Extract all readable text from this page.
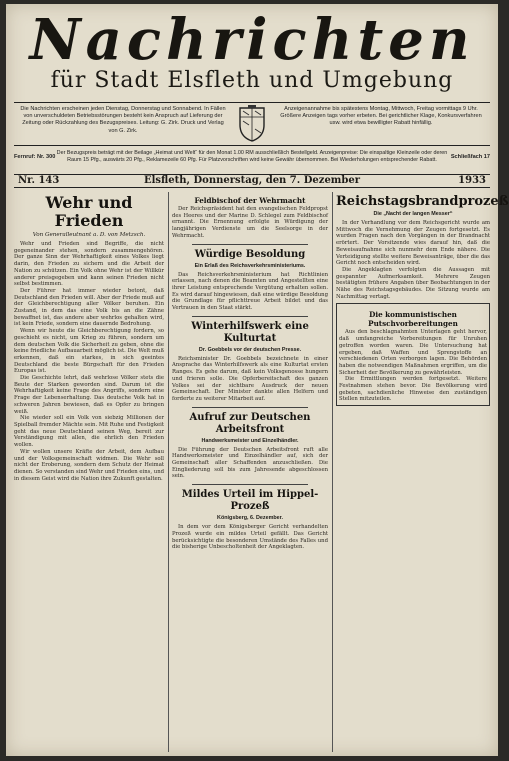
Nachrichten
für Stadt Elsfleth und Umgebung
Die Nachrichten erscheinen jeden Dienstag, Donnerstag und Sonnabend. In Fällen von unverschuldeten Betriebsstörungen besteht kein Anspruch auf Lieferung der Zeitung oder Rückzahlung des Bezugspreises. Leitung: G. Zirk. Druck und Verlag von G. Zirk.
Anzeigenannahme bis spätestens Montag, Mittwoch, Freitag vormittags 9 Uhr. Größere Anzeigen tags vorher erbeten. Bei gerichtlicher Klage, Konkursverfahren usw. wird etwa bewilligter Rabatt hinfällig.
Fernruf: Nr. 300
Der Bezugspreis beträgt mit der Beilage „Heimat und Welt“ für den Monat 1.00 RM ausschließlich Bestellgeld. Anzeigenpreise: Die einspaltige Kleinzeile oder deren Raum 15 Pfg., auswärts 20 Pfg., Reklamezeile 60 Pfg. Für Platzvorschriften wird keine Gewähr übernommen. Bei Wiederholungen entsprechender Rabatt. Schließfach 17
Nr. 143	Elsfleth, Donnerstag, den 7. Dezember	1933
Wehr und Frieden
Von Generalleutnant a. D. von Metzsch.

Wehr und Frieden sind Begriffe, die nicht gegeneinander stehen, sondern zusammengehören. Der ganze Sinn der Wehrhaftigkeit eines Volkes liegt darin, den Frieden zu sichern und die Arbeit der Nation zu schützen. Ein Volk ohne Wehr ist der Willkür anderer preisgegeben und kann seinen Frieden nicht selbst bestimmen.

Der Führer hat immer wieder betont, daß Deutschland den Frieden will. Aber der Friede muß auf der Gleichberechtigung aller Völker beruhen. Ein Zustand, in dem das eine Volk bis an die Zähne bewaffnet ist, das andere aber wehrlos gehalten wird, ist kein Friede, sondern eine dauernde Bedrohung.

Wenn wir heute die Gleichberechtigung fordern, so geschieht es nicht, um Krieg zu führen, sondern um dem deutschen Volk die Sicherheit zu geben, ohne die keine friedliche Aufbauarbeit möglich ist. Die Welt muß erkennen, daß ein starkes, in sich geeintes Deutschland die beste Bürgschaft für den Frieden Europas ist.

Die Geschichte lehrt, daß wehrlose Völker stets die Beute der Starken geworden sind. Darum ist die Wehrhaftigkeit keine Frage des Angriffs, sondern eine Frage der Lebenserhaltung. Das deutsche Volk hat in schweren Jahren bewiesen, daß es Opfer zu bringen weiß.

Nie wieder soll ein Volk von siebzig Millionen der Spielball fremder Mächte sein. Mit Ruhe und Festigkeit geht das neue Deutschland seinen Weg, bereit zur Verständigung mit allen, die ehrlich den Frieden wollen.

Wir wollen unsere Kräfte der Arbeit, dem Aufbau und der Volksgemeinschaft widmen. Die Wehr soll nicht der Eroberung, sondern dem Schutz der Heimat dienen. So verstanden sind Wehr und Frieden eins, und in diesem Geist wird die Nation ihre Zukunft gestalten.

Feldbischof der Wehrmacht

Der Reichspräsident hat den evangelischen Feldpropst des Heeres und der Marine D. Schlegel zum Feldbischof ernannt. Die Ernennung erfolgte in Würdigung der langjährigen Verdienste um die Seelsorge in der Wehrmacht.

Würdige Besoldung
Ein Erlaß des Reichsverkehrsministeriums.

Das Reichsverkehrsministerium hat Richtlinien erlassen, nach denen die Beamten und Angestellten eine ihrer Leistung entsprechende Vergütung erhalten sollen. Es wird darauf hingewiesen, daß eine würdige Besoldung die Grundlage für pflichttreue Arbeit bildet und das Vertrauen in den Staat stärkt.

Winterhilfswerk eine Kulturtat
Dr. Goebbels vor der deutschen Presse.

Reichsminister Dr. Goebbels bezeichnete in einer Ansprache das Winterhilfswerk als eine Kulturtat ersten Ranges. Es gehe darum, daß kein Volksgenosse hungern und frieren solle. Die Opferbereitschaft des ganzen Volkes sei der sichtbare Ausdruck der neuen Gemeinschaft. Der Minister dankte allen Helfern und forderte zu weiterer Mitarbeit auf.

Aufruf zur Deutschen Arbeitsfront
Handwerksmeister und Einzelhändler.

Die Führung der Deutschen Arbeitsfront ruft alle Handwerksmeister und Einzelhändler auf, sich der Gemeinschaft aller Schaffenden anzuschließen. Die Eingliederung soll bis zum Jahresende abgeschlossen sein.

Mildes Urteil im Hippel-Prozeß
Königsberg, 6. Dezember.

In dem vor dem Königsberger Gericht verhandelten Prozeß wurde ein mildes Urteil gefällt. Das Gericht berücksichtigte die besonderen Umstände des Falles und die bisherige Unbescholtenheit der Angeklagten.

Reichstagsbrandprozeß
Die „Nacht der langen Messer“

In der Verhandlung vor dem Reichsgericht wurde am Mittwoch die Vernehmung der Zeugen fortgesetzt. Es wurden Fragen nach den Vorgängen in der Brandnacht erörtert. Der Vorsitzende wies darauf hin, daß die Beweisaufnahme sich nunmehr dem Ende nähere. Die Verteidigung stellte weitere Beweisanträge, über die das Gericht noch entscheiden wird.

Die Angeklagten verfolgten die Aussagen mit gespannter Aufmerksamkeit. Mehrere Zeugen bestätigten frühere Angaben über Beobachtungen in der Nähe des Reichstagsgebäudes. Die Sitzung wurde am Nachmittag vertagt.

Die kommunistischen Putschvorbereitungen

Aus den beschlagnahmten Unterlagen geht hervor, daß umfangreiche Vorbereitungen für Unruhen getroffen worden waren. Die Untersuchung hat ergeben, daß Waffen und Sprengstoffe an verschiedenen Orten verborgen lagen. Die Behörden haben die notwendigen Maßnahmen ergriffen, um die Sicherheit der Bevölkerung zu gewährleisten.

Die Ermittlungen werden fortgesetzt. Weitere Festnahmen stehen bevor. Die Bevölkerung wird gebeten, sachdienliche Hinweise den zuständigen Stellen mitzuteilen.
